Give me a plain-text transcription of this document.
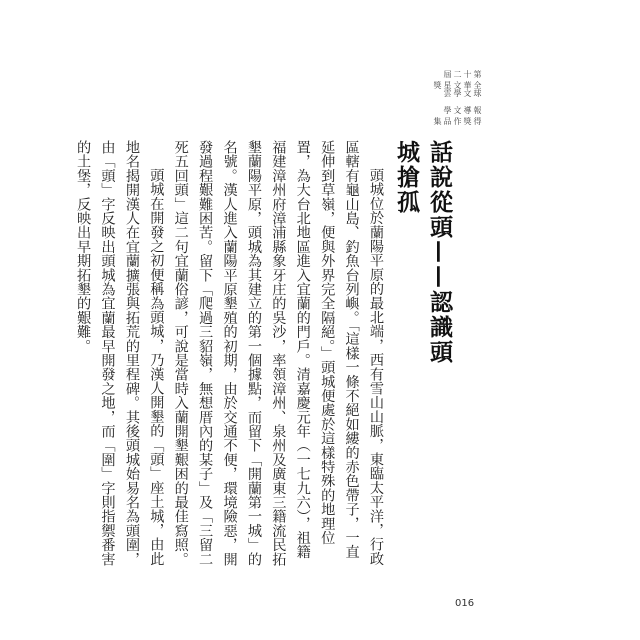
第十二屆
全球華文文學星雲獎
報導文學
得獎作品集
話說從頭——認識頭城搶孤

頭城位於蘭陽平原的最北端，西有雪山山脈，東臨太平洋，行政區轄有龜山島、釣魚台列嶼。「這樣一條不絕如縷的赤色帶子，一直延伸到草嶺，便與外界完全隔絕。」頭城便處於這樣特殊的地理位置，為大台北地區進入宜蘭的門戶。清嘉慶元年（一七九六），祖籍福建漳州府漳浦縣象牙庄的吳沙，率領漳州、泉州及廣東三籍流民拓墾蘭陽平原，頭城為其建立的第一個據點，而留下「開蘭第一城」的名號。漢人進入蘭陽平原墾殖的初期，由於交通不便，環境險惡，開發過程艱難困苦。留下「爬過三貂嶺，無想厝內的某子」及「三留二死五回頭」這二句宜蘭俗諺，可說是當時入蘭開墾艱困的最佳寫照。

頭城在開發之初便稱為頭城，乃漢人開墾的「頭」座土城，由此地名揭開漢人在宜蘭擴張與拓荒的里程碑。其後頭城始易名為頭圍，由「頭」字反映出頭城為宜蘭最早開發之地，而「圍」字則指禦番害的土堡，反映出早期拓墾的艱難。

016
